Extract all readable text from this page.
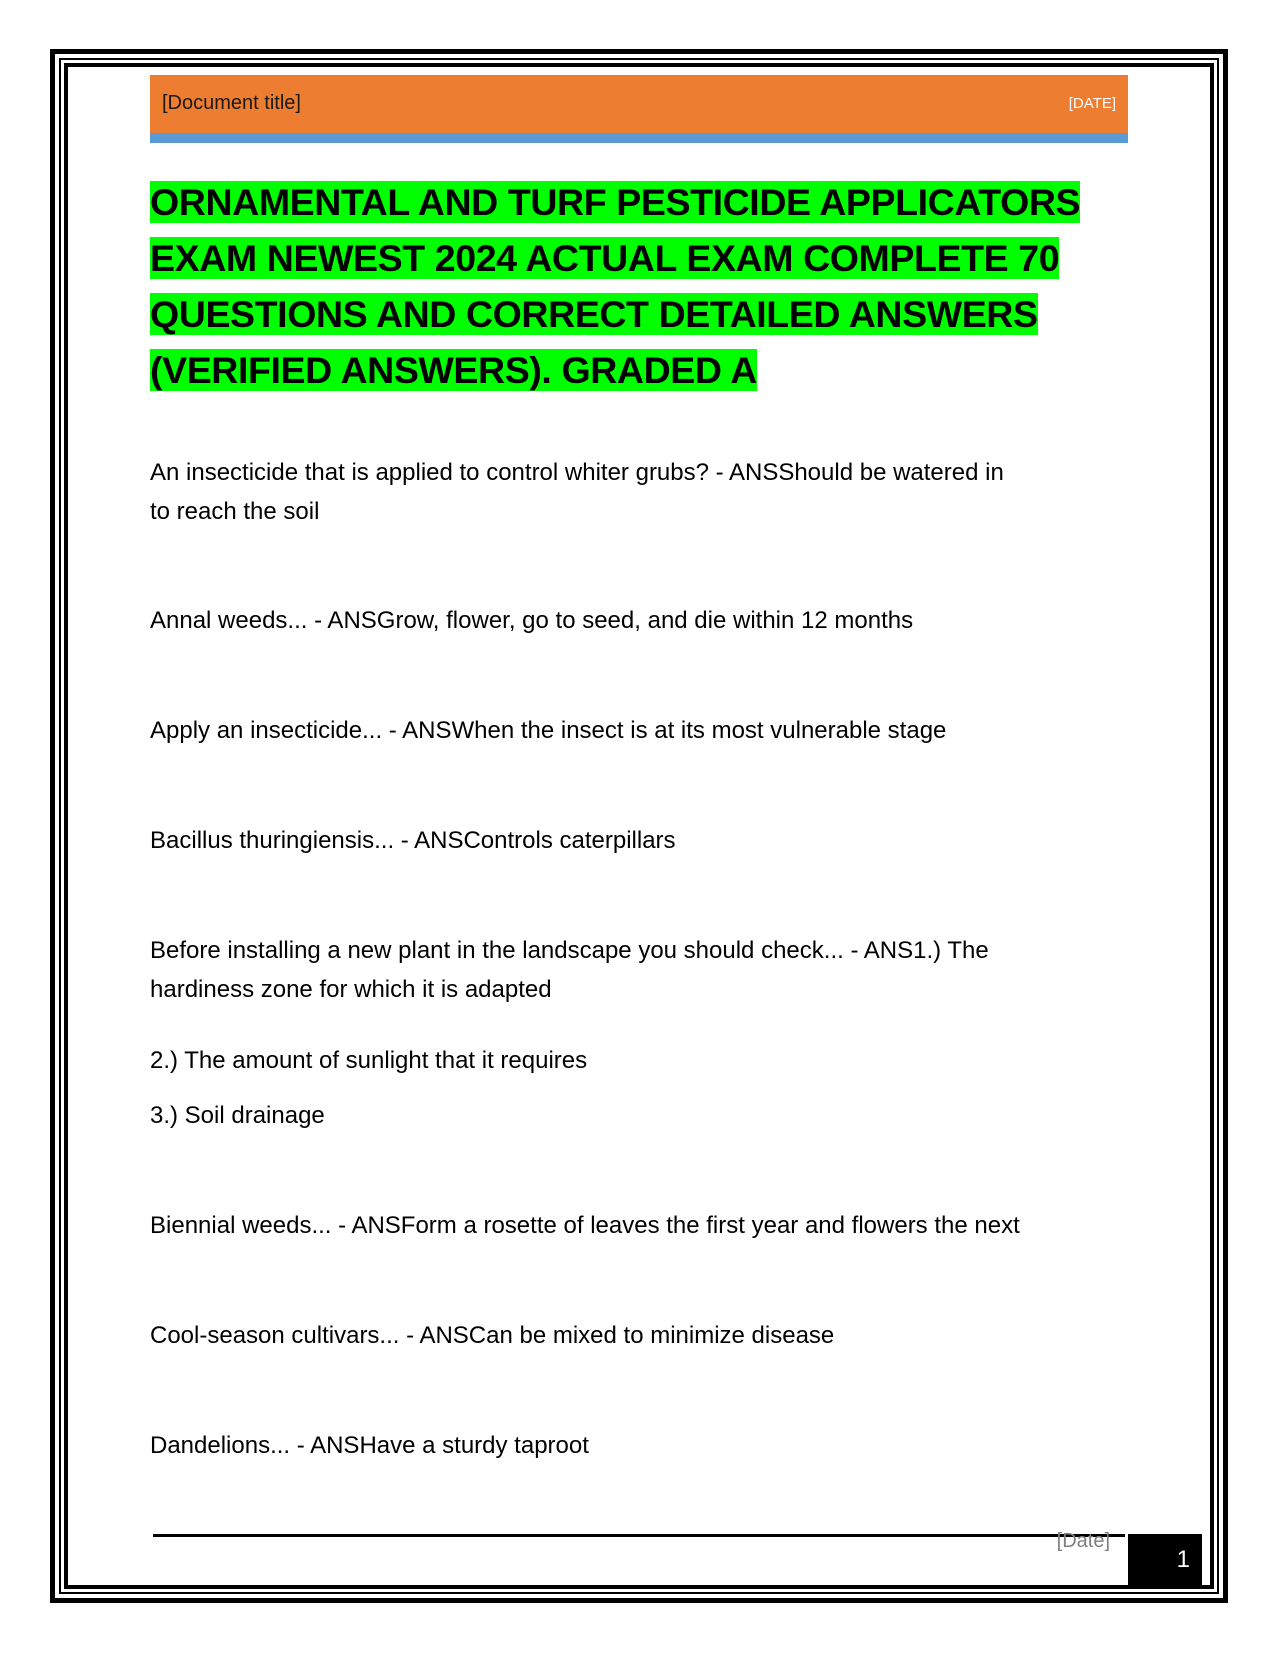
[Document title]	[DATE]
ORNAMENTAL AND TURF PESTICIDE APPLICATORS EXAM NEWEST 2024 ACTUAL EXAM COMPLETE 70 QUESTIONS AND CORRECT DETAILED ANSWERS (VERIFIED ANSWERS). GRADED A

An insecticide that is applied to control whiter grubs? - ANSShould be watered in
to reach the soil

Annal weeds... - ANSGrow, flower, go to seed, and die within 12 months

Apply an insecticide... - ANSWhen the insect is at its most vulnerable stage

Bacillus thuringiensis... - ANSControls caterpillars

Before installing a new plant in the landscape you should check... - ANS1.) The
hardiness zone for which it is adapted

2.) The amount of sunlight that it requires

3.) Soil drainage

Biennial weeds... - ANSForm a rosette of leaves the first year and flowers the next

Cool-season cultivars... - ANSCan be mixed to minimize disease

Dandelions... - ANSHave a sturdy taproot

[Date]
1
